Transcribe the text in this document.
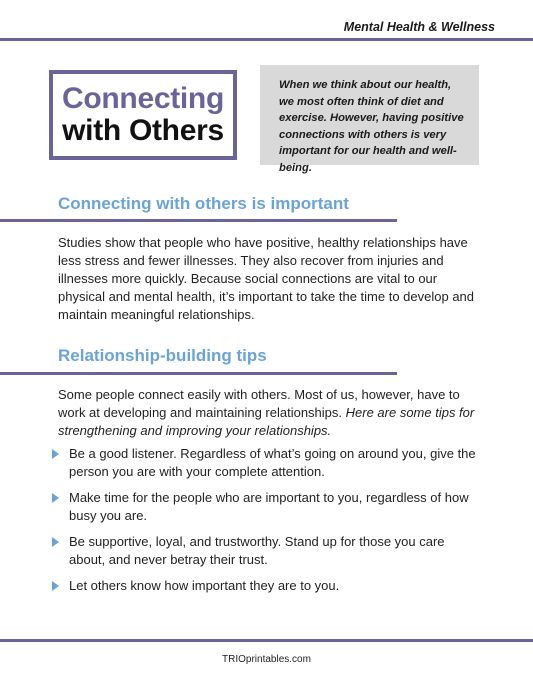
Mental Health & Wellness
Connecting
with Others
When we think about our health, we most often think of diet and exercise. However, having positive connections with others is very important for our health and well-being.
Connecting with others is important

Studies show that people who have positive, healthy relationships have less stress and fewer illnesses. They also recover from injuries and illnesses more quickly. Because social connections are vital to our physical and mental health, it’s important to take the time to develop and maintain meaningful relationships.

Relationship-building tips

Some people connect easily with others. Most of us, however, have to work at developing and maintaining relationships. Here are some tips for strengthening and improving your relationships.

Be a good listener. Regardless of what’s going on around you, give the person you are with your complete attention.
Make time for the people who are important to you, regardless of how busy you are.
Be supportive, loyal, and trustworthy. Stand up for those you care about, and never betray their trust.
Let others know how important they are to you.
TRIOprintables.com
